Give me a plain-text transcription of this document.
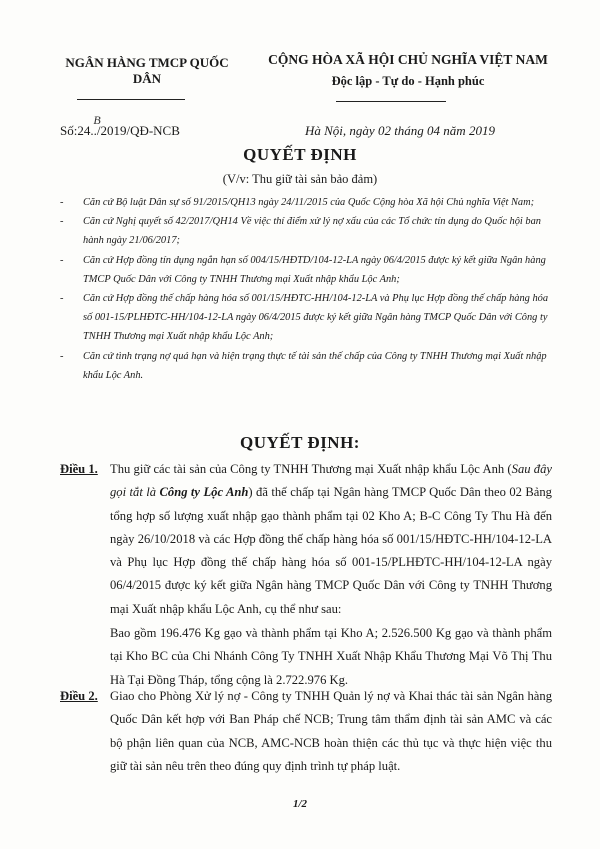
NGÂN HÀNG TMCP QUỐC DÂN
CỘNG HÒA XÃ HỘI CHỦ NGHĨA VIỆT NAM
Độc lập - Tự do - Hạnh phúc
Số:24
B
../2019/QĐ-NCB	Hà Nội, ngày 02 tháng 04 năm 2019
QUYẾT ĐỊNH
(V/v: Thu giữ tài sản bảo đảm)
- Căn cứ Bộ luật Dân sự số 91/2015/QH13 ngày 24/11/2015 của Quốc Cộng hòa Xã hội Chủ nghĩa Việt Nam;
- Căn cứ Nghị quyết số 42/2017/QH14 Về việc thí điểm xử lý nợ xấu của các Tổ chức tín dụng do Quốc hội ban hành ngày 21/06/2017;
- Căn cứ Hợp đồng tín dụng ngắn hạn số 004/15/HĐTD/104-12-LA ngày 06/4/2015 được ký kết giữa Ngân hàng TMCP Quốc Dân với Công ty TNHH Thương mại Xuất nhập khẩu Lộc Anh;
- Căn cứ Hợp đồng thế chấp hàng hóa số 001/15/HĐTC-HH/104-12-LA và Phụ lục Hợp đồng thế chấp hàng hóa số 001-15/PLHĐTC-HH/104-12-LA ngày 06/4/2015 được ký kết giữa Ngân hàng TMCP Quốc Dân với Công ty TNHH Thương mại Xuất nhập khẩu Lộc Anh;
- Căn cứ tình trạng nợ quá hạn và hiện trạng thực tế tài sản thế chấp của Công ty TNHH Thương mại Xuất nhập khẩu Lộc Anh.
QUYẾT ĐỊNH:
Điều 1. Thu giữ các tài sản của Công ty TNHH Thương mại Xuất nhập khẩu Lộc Anh (Sau đây gọi tắt là Công ty Lộc Anh) đã thế chấp tại Ngân hàng TMCP Quốc Dân theo 02 Bảng tổng hợp số lượng xuất nhập gạo thành phẩm tại 02 Kho A; B-C Công Ty Thu Hà đến ngày 26/10/2018 và các Hợp đồng thế chấp hàng hóa số 001/15/HĐTC-HH/104-12-LA và Phụ lục Hợp đồng thế chấp hàng hóa số 001-15/PLHĐTC-HH/104-12-LA ngày 06/4/2015 được ký kết giữa Ngân hàng TMCP Quốc Dân với Công ty TNHH Thương mại Xuất nhập khẩu Lộc Anh, cụ thể như sau:

Bao gồm 196.476 Kg gạo và thành phẩm tại Kho A; 2.526.500 Kg gạo và thành phẩm tại Kho BC của Chi Nhánh Công Ty TNHH Xuất Nhập Khẩu Thương Mại Võ Thị Thu Hà Tại Đồng Tháp, tổng cộng là 2.722.976 Kg.

Điều 2. Giao cho Phòng Xử lý nợ - Công ty TNHH Quản lý nợ và Khai thác tài sản Ngân hàng Quốc Dân kết hợp với Ban Pháp chế NCB; Trung tâm thẩm định tài sản AMC và các bộ phận liên quan của NCB, AMC-NCB hoàn thiện các thủ tục và thực hiện việc thu giữ tài sản nêu trên theo đúng quy định trình tự pháp luật.

1/2
